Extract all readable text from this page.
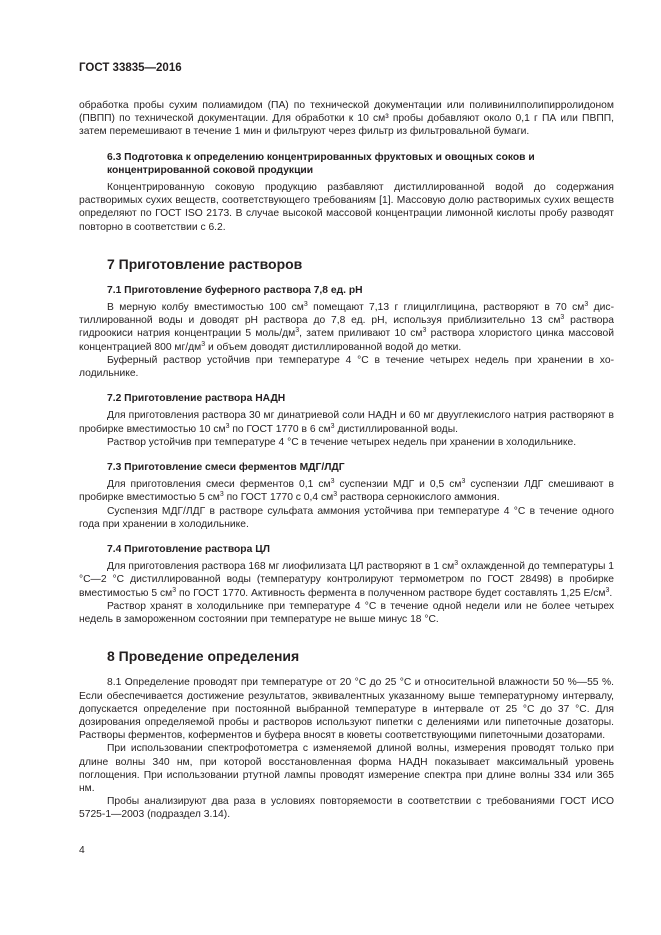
ГОСТ 33835—2016

обработка пробы сухим полиамидом (ПА) по технической документации или поливинилполипирролидоном (ПВПП) по технической документации. Для обработки к 10 см³ пробы добавляют около 0,1 г ПА или ПВПП, затем перемешивают в течение 1 мин и фильтруют через фильтр из фильтровальной бумаги.

6.3 Подготовка к определению концентрированных фруктовых и овощных соков и концентрированной соковой продукции

Концентрированную соковую продукцию разбавляют дистиллированной водой до содержания растворимых сухих веществ, соответствующего требованиям [1]. Массовую долю растворимых сухих веществ определяют по ГОСТ ISO 2173. В случае высокой массовой концентрации лимонной кислоты пробу разводят повторно в соответствии с 6.2.

7 Приготовление растворов
7.1 Приготовление буферного раствора 7,8 ед. pH

В мерную колбу вместимостью 100 $см^3$ помещают 7,13 г глицилглицина, растворяют в 70 $см^3$ дистиллированной воды и доводят pH раствора до 7,8 ед. pH, используя приблизительно 13 $см^3$ раствора гидроокиси натрия концентрации 5 моль/$дм^3$, затем приливают 10 $см^3$ раствора хлористого цинка массовой концентрацией 800 $мг/дм^3$ и объем доводят дистиллированной водой до метки.

Буферный раствор устойчив при температуре 4 °С в течение четырех недель при хранении в холодильнике.

7.2 Приготовление раствора НАДН

Для приготовления раствора 30 мг динатриевой соли НАДН и 60 мг двууглекислого натрия растворяют в пробирке вместимостью 10 $см^3$ по ГОСТ 1770 в 6 $см^3$ дистиллированной воды.

Раствор устойчив при температуре 4 °С в течение четырех недель при хранении в холодильнике.

7.3 Приготовление смеси ферментов МДГ/ЛДГ

Для приготовления смеси ферментов 0,1 $см^3$ суспензии МДГ и 0,5 $см^3$ суспензии ЛДГ смешивают в пробирке вместимостью 5 $см^3$ по ГОСТ 1770 с 0,4 $см^3$ раствора сернокислого аммония.

Суспензия МДГ/ЛДГ в растворе сульфата аммония устойчива при температуре 4 °С в течение одного года при хранении в холодильнике.

7.4 Приготовление раствора ЦЛ

Для приготовления раствора 168 мг лиофилизата ЦЛ растворяют в 1 $см^3$ охлажденной до температуры 1 °С—2 °С дистиллированной воды (температуру контролируют термометром по ГОСТ 28498) в пробирке вместимостью 5 $см^3$ по ГОСТ 1770. Активность фермента в полученном растворе будет составлять 1,25 $Е/см^3$.

Раствор хранят в холодильнике при температуре 4 °С в течение одной недели или не более четырех недель в замороженном состоянии при температуре не выше минус 18 °С.

8 Проведение определения

8.1 Определение проводят при температуре от 20 °С до 25 °С и относительной влажности 50 %—55 %. Если обеспечивается достижение результатов, эквивалентных указанному выше температурному интервалу, допускается определение при постоянной выбранной температуре в интервале от 25 °С до 37 °С. Для дозирования определяемой пробы и растворов используют пипетки с делениями или пипеточные дозаторы. Растворы ферментов, коферментов и буфера вносят в кюветы соответствующими пипеточными дозаторами.

При использовании спектрофотометра с изменяемой длиной волны, измерения проводят только при длине волны 340 нм, при которой восстановленная форма НАДН показывает максимальный уровень поглощения. При использовании ртутной лампы проводят измерение спектра при длине волны 334 или 365 нм.

Пробы анализируют два раза в условиях повторяемости в соответствии с требованиями ГОСТ ИСО 5725-1—2003 (подраздел 3.14).

4
